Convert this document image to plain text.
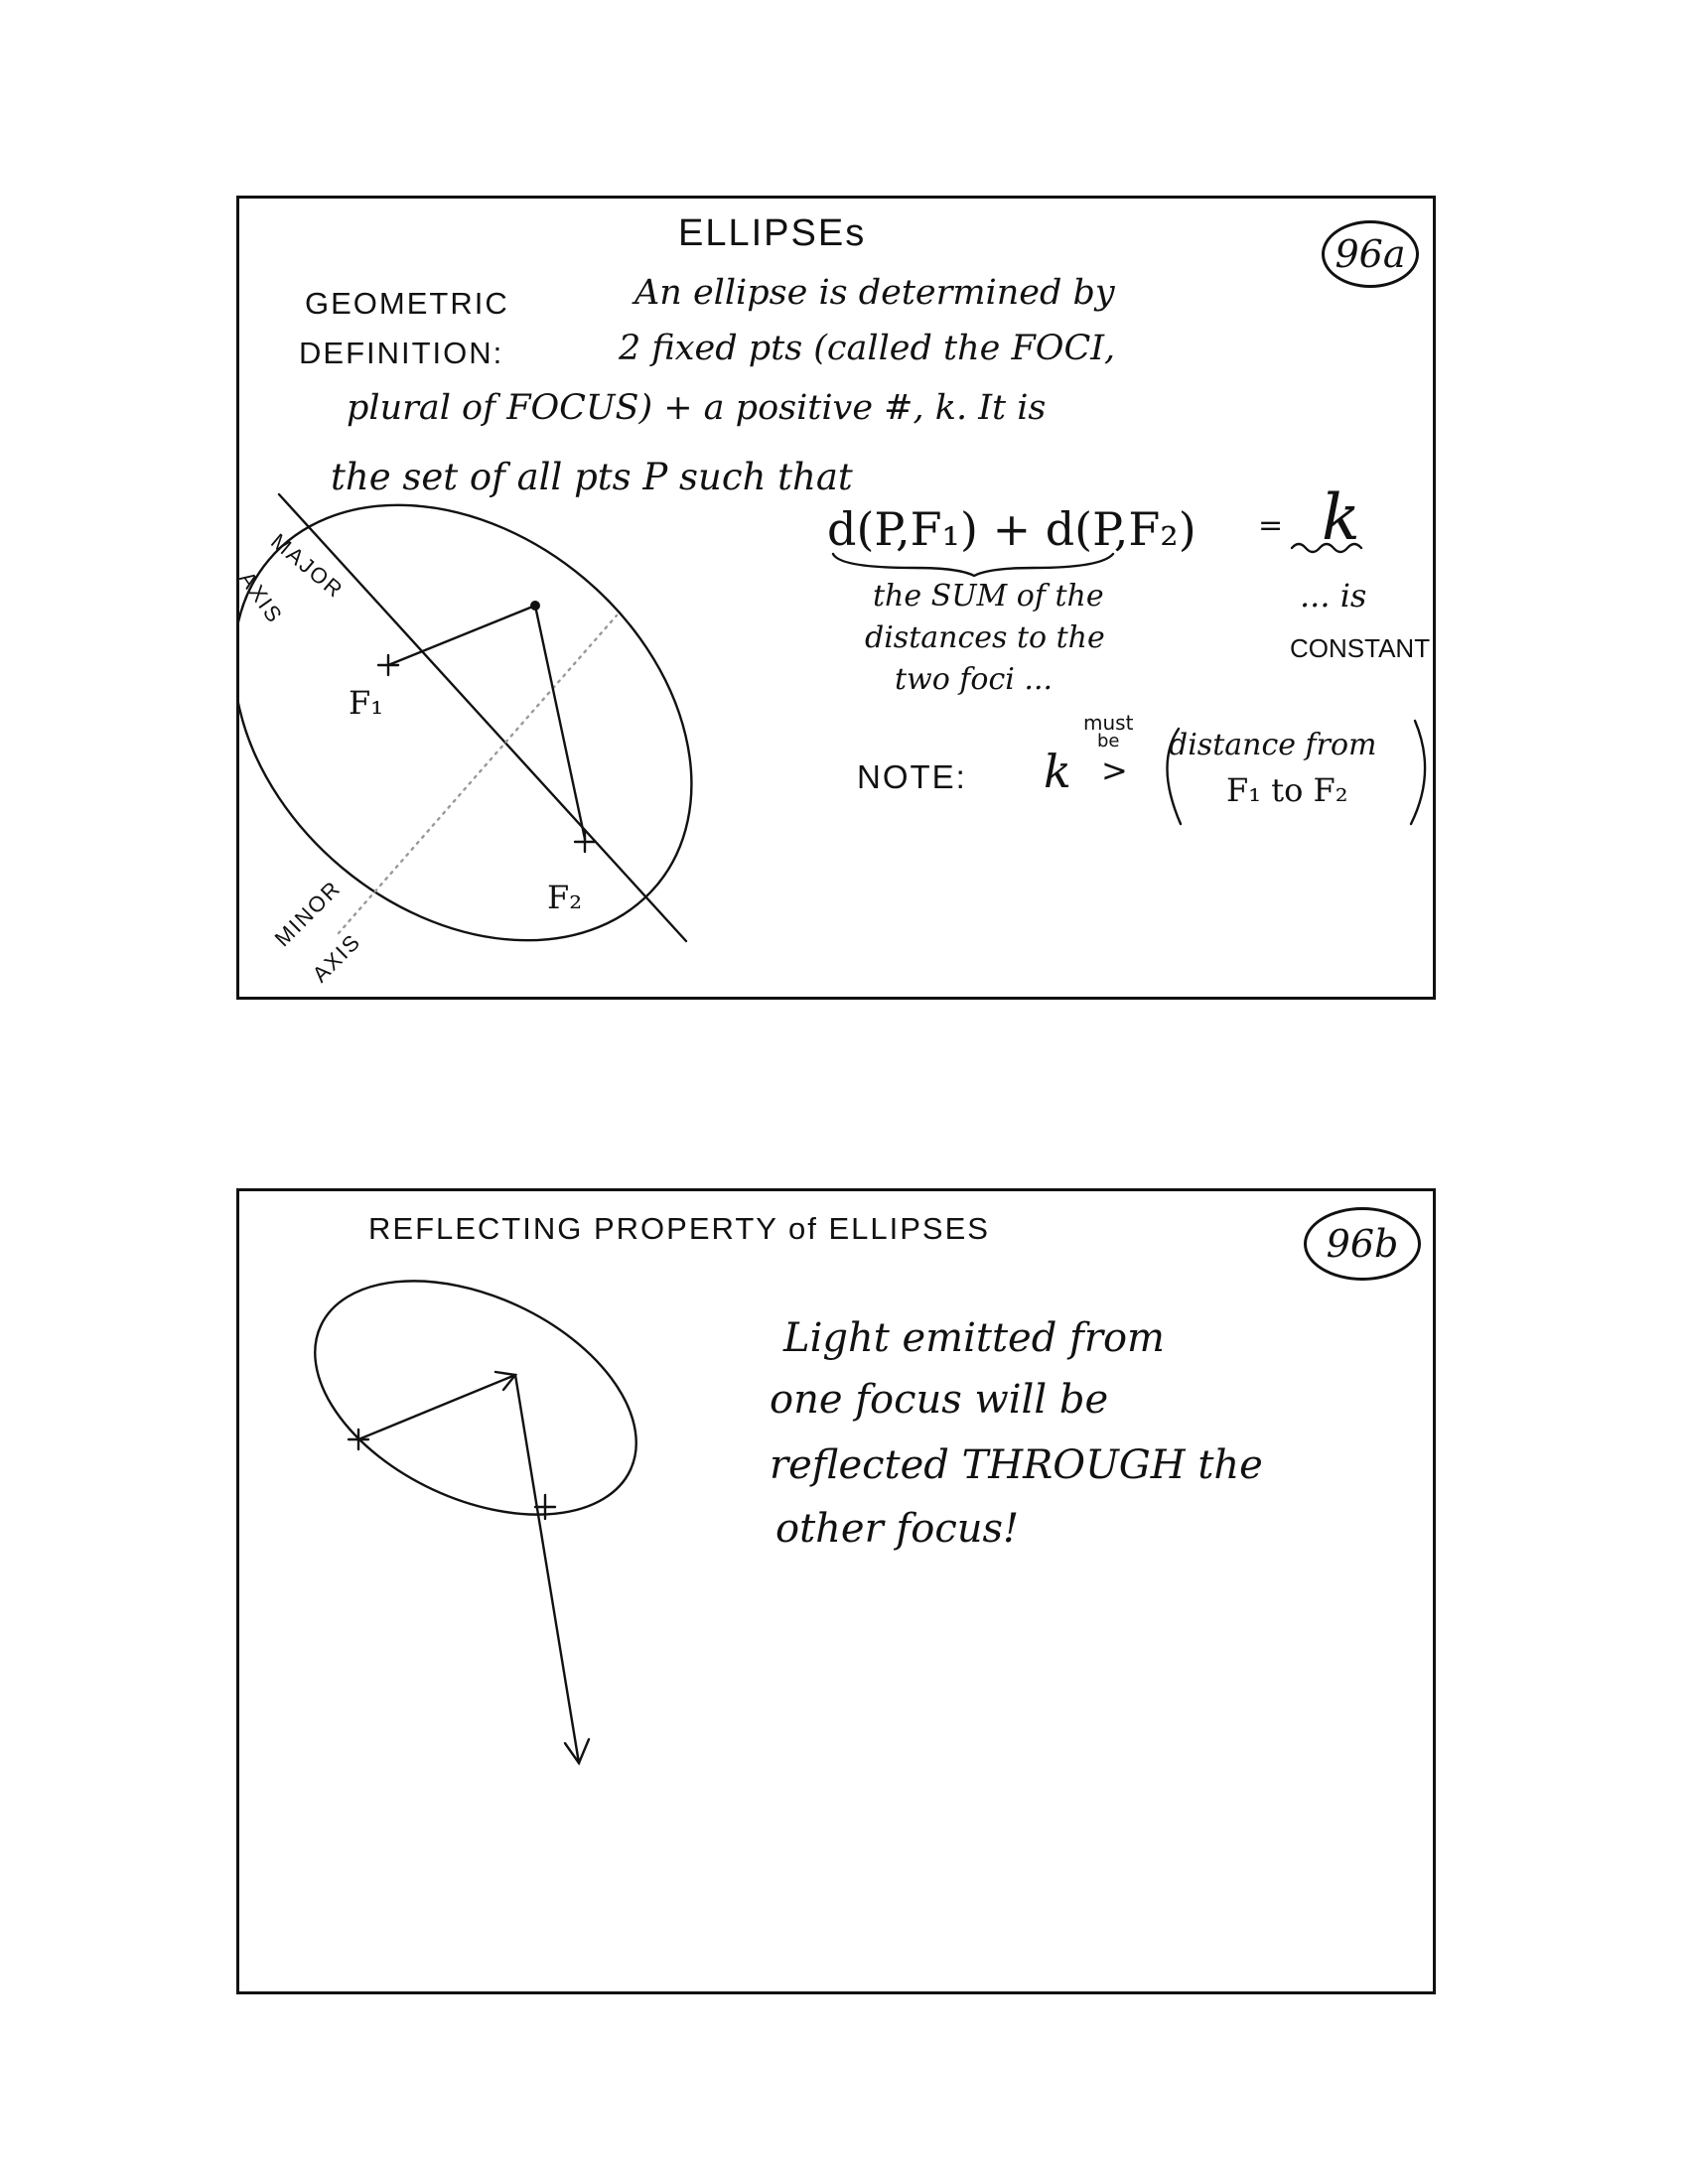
ELLIPSEs	96a
GEOMETRIC
DEFINITION:
An ellipse is determined by
2 fixed pts (called the FOCI,
plural of FOCUS) + a positive #, k. It is
the set of all pts P such that
d(P,F₁) + d(P,F₂) = k
the SUM of the
distances to the
two foci ...
... is
CONSTANT
NOTE: k >
must
be distance from
F₁ to F₂
MAJOR
AXIS
MINOR
AXIS
F₁
F₂
REFLECTING PROPERTY of ELLIPSES	96b
Light emitted from
one focus will be
reflected THROUGH the
other focus!
